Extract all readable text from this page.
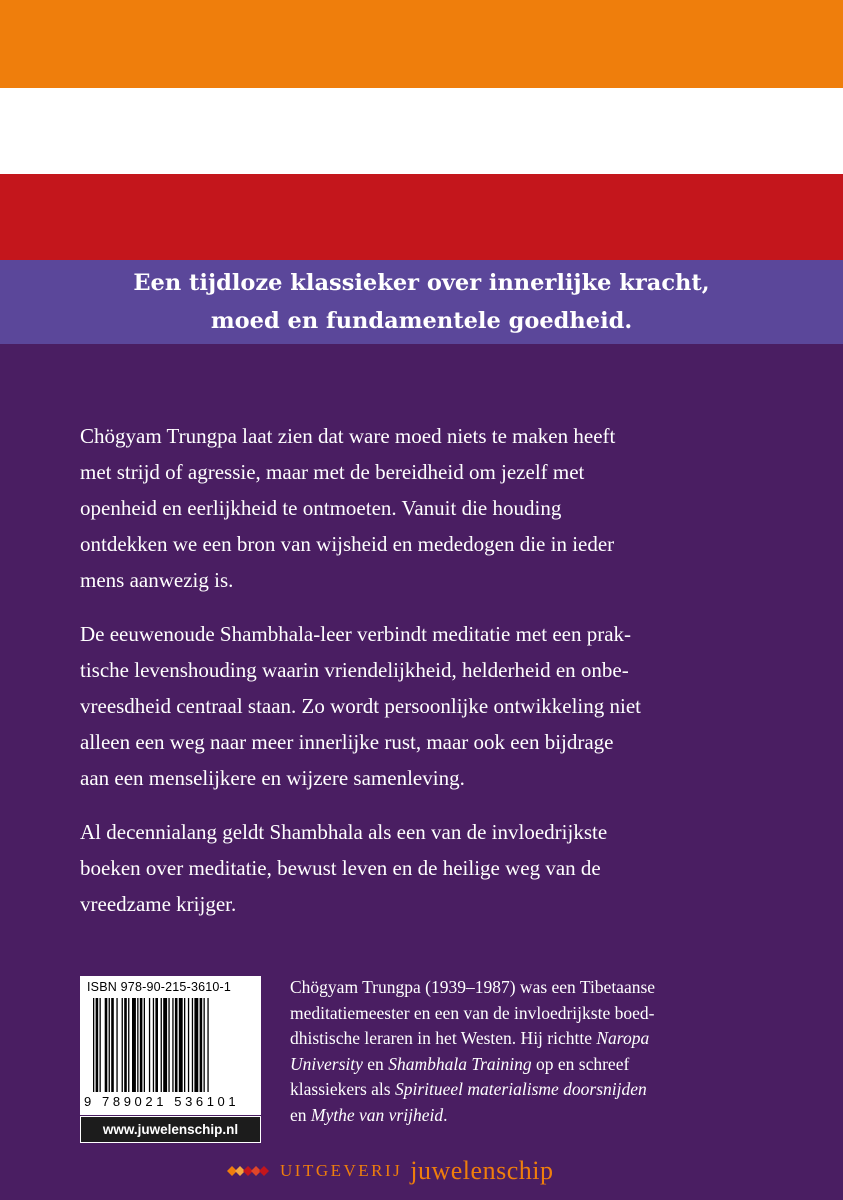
Een tijdloze klassieker over innerlijke kracht,
moed en fundamentele goedheid.
Chögyam Trungpa laat zien dat ware moed niets te maken heeft
met strijd of agressie, maar met de bereidheid om jezelf met
openheid en eerlijkheid te ontmoeten. Vanuit die houding
ontdekken we een bron van wijsheid en mededogen die in ieder
mens aanwezig is.
De eeuwenoude Shambhala-leer verbindt meditatie met een prak-
tische levenshouding waarin vriendelijkheid, helderheid en onbe-
vreesdheid centraal staan. Zo wordt persoonlijke ontwikkeling niet
alleen een weg naar meer innerlijke rust, maar ook een bijdrage
aan een menselijkere en wijzere samenleving.
Al decennialang geldt Shambhala als een van de invloedrijkste
boeken over meditatie, bewust leven en de heilige weg van de
vreedzame krijger.
ISBN 978-90-215-3610-1
9 789021 536101
www.juwelenschip.nl
Chögyam Trungpa (1939–1987) was een Tibetaanse
meditatiemeester en een van de invloedrijkste boed-
dhistische leraren in het Westen. Hij richtte Naropa
University en Shambhala Training op en schreef
klassiekers als Spiritueel materialisme doorsnijden
en Mythe van vrijheid.
UITGEVERIJ juwelenschip
